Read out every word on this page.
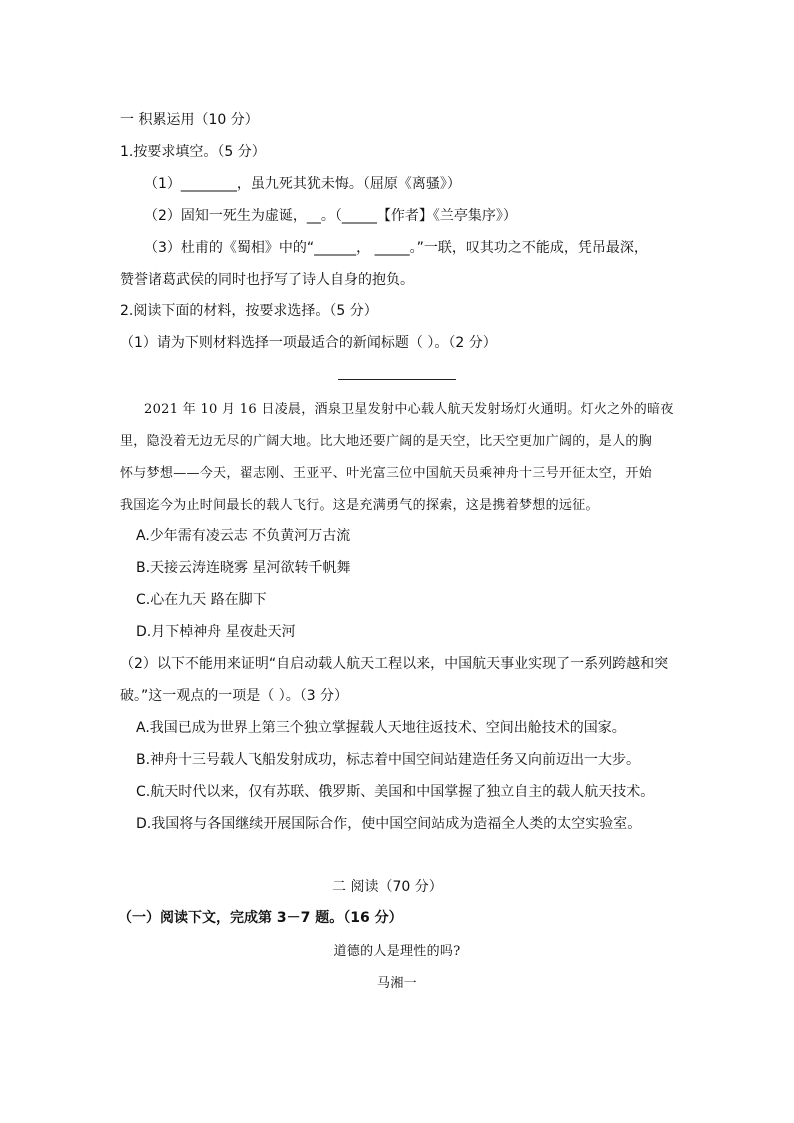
一 积累运用（10 分）
1.按要求填空。（5 分）
（1）________，虽九死其犹未悔。（屈原《离骚》）
（2）固知一死生为虚诞，__。（_____【作者】《兰亭集序》）
（3）杜甫的《蜀相》中的“______， _____。”一联，叹其功之不能成，凭吊最深，
赞誉诸葛武侯的同时也抒写了诗人自身的抱负。
2.阅读下面的材料，按要求选择。（5 分）
（1）请为下则材料选择一项最适合的新闻标题（ ）。（2 分）
2021 年 10 月 16 日凌晨，酒泉卫星发射中心载人航天发射场灯火通明。灯火之外的暗夜
里，隐没着无边无尽的广阔大地。比大地还要广阔的是天空，比天空更加广阔的，是人的胸
怀与梦想——今天，翟志刚、王亚平、叶光富三位中国航天员乘神舟十三号开征太空，开始
我国迄今为止时间最长的载人飞行。这是充满勇气的探索，这是携着梦想的远征。
A.少年需有凌云志 不负黄河万古流
B.天接云涛连晓雾 星河欲转千帆舞
C.心在九天 路在脚下
D.月下棹神舟 星夜赴天河
（2）以下不能用来证明“自启动载人航天工程以来，中国航天事业实现了一系列跨越和突
破。”这一观点的一项是（ ）。（3 分）
A.我国已成为世界上第三个独立掌握载人天地往返技术、空间出舱技术的国家。
B.神舟十三号载人飞船发射成功，标志着中国空间站建造任务又向前迈出一大步。
C.航天时代以来，仅有苏联、俄罗斯、美国和中国掌握了独立自主的载人航天技术。
D.我国将与各国继续开展国际合作，使中国空间站成为造福全人类的太空实验室。
二 阅读（70 分）
（一）阅读下文，完成第 3－7 题。（16 分）
道德的人是理性的吗?
马湘一
